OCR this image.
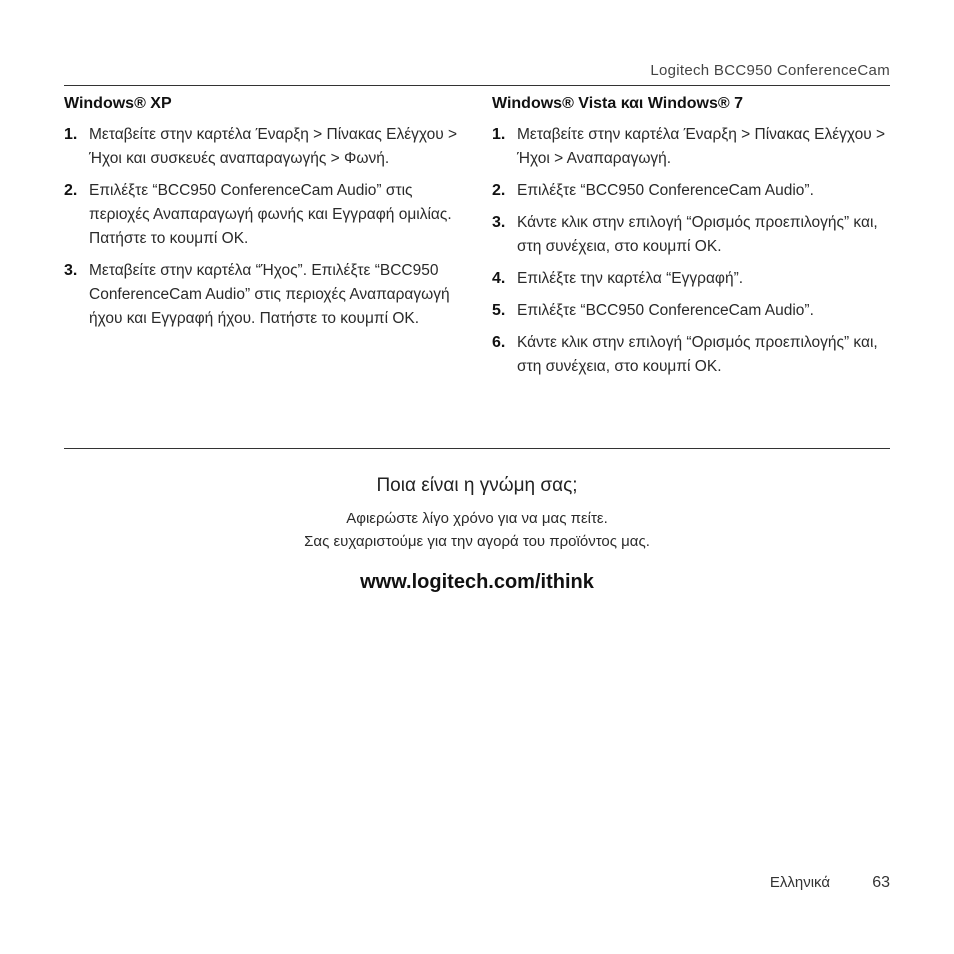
Logitech BCC950 ConferenceCam
Windows® XP
1. Μεταβείτε στην καρτέλα Έναρξη > Πίνακας Ελέγχου > Ήχοι και συσκευές αναπαραγωγής > Φωνή.
2. Επιλέξτε “BCC950 ConferenceCam Audio” στις περιοχές Αναπαραγωγή φωνής και Εγγραφή ομιλίας. Πατήστε το κουμπί OK.
3. Μεταβείτε στην καρτέλα “Ήχος”. Επιλέξτε “BCC950 ConferenceCam Audio” στις περιοχές Αναπαραγωγή ήχου και Εγγραφή ήχου. Πατήστε το κουμπί OK.
Windows® Vista και Windows® 7
1. Μεταβείτε στην καρτέλα Έναρξη > Πίνακας Ελέγχου > Ήχοι > Αναπαραγωγή.
2. Επιλέξτε “BCC950 ConferenceCam Audio”.
3. Κάντε κλικ στην επιλογή “Ορισμός προεπιλογής” και, στη συνέχεια, στο κουμπί OK.
4. Επιλέξτε την καρτέλα “Εγγραφή”.
5. Επιλέξτε “BCC950 ConferenceCam Audio”.
6. Κάντε κλικ στην επιλογή “Ορισμός προεπιλογής” και, στη συνέχεια, στο κουμπί OK.

Ποια είναι η γνώμη σας;

Αφιερώστε λίγο χρόνο για να μας πείτε.

Σας ευχαριστούμε για την αγορά του προϊόντος μας.

www.logitech.com/ithink
Ελληνικά	63
